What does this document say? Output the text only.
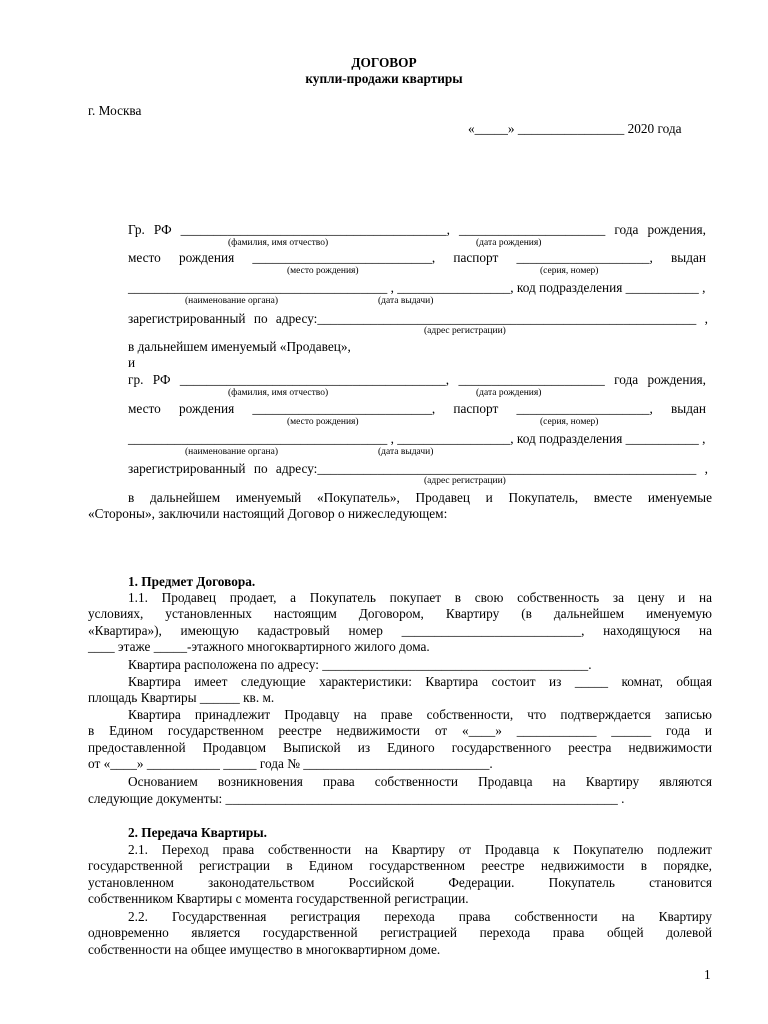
ДОГОВОР
купли-продажи квартиры
г. Москва
«_____» ________________ 2020 года
Гр. РФ ________________________________________, ______________________ года рождения,
(фамилия, имя отчество)	(дата рождения)
место рождения ___________________________, паспорт ____________________, выдан
(место рождения)	(серия, номер)
_______________________________________ , _________________, код подразделения ___________ ,
(наименование органа)	(дата выдачи)
зарегистрированный по адресу:_________________________________________________________ ,
(адрес регистрации)
в дальнейшем именуемый «Продавец»,
и
гр. РФ ________________________________________, ______________________ года рождения,
(фамилия, имя отчество)	(дата рождения)
место рождения ___________________________, паспорт ____________________, выдан
(место рождения)	(серия, номер)
_______________________________________ , _________________, код подразделения ___________ ,
(наименование органа)	(дата выдачи)
зарегистрированный по адресу:_________________________________________________________ ,
(адрес регистрации)
в дальнейшем именуемый «Покупатель», Продавец и Покупатель, вместе именуемые
«Стороны», заключили настоящий Договор о нижеследующем:
1. Предмет Договора.
1.1. Продавец продает, а Покупатель покупает в свою собственность за цену и на
условиях, установленных настоящим Договором, Квартиру (в дальнейшем именуемую
«Квартира»), имеющую кадастровый номер ___________________________, находящуюся на
____ этаже _____-этажного многоквартирного жилого дома.
Квартира расположена по адресу: ________________________________________.
Квартира имеет следующие характеристики: Квартира состоит из _____ комнат, общая
площадь Квартиры ______ кв. м.
Квартира принадлежит Продавцу на праве собственности, что подтверждается записью
в Едином государственном реестре недвижимости от «____» ____________ ______ года и
предоставленной Продавцом Выпиской из Единого государственного реестра недвижимости
от «____» ___________ _____ года № ____________________________.
Основанием возникновения права собственности Продавца на Квартиру являются
следующие документы: ___________________________________________________________ .
2. Передача Квартиры.
2.1. Переход права собственности на Квартиру от Продавца к Покупателю подлежит
государственной регистрации в Едином государственном реестре недвижимости в порядке,
установленном законодательством Российской Федерации. Покупатель становится
собственником Квартиры с момента государственной регистрации.
2.2. Государственная регистрация перехода права собственности на Квартиру
одновременно является государственной регистрацией перехода права общей долевой
собственности на общее имущество в многоквартирном доме.
1
